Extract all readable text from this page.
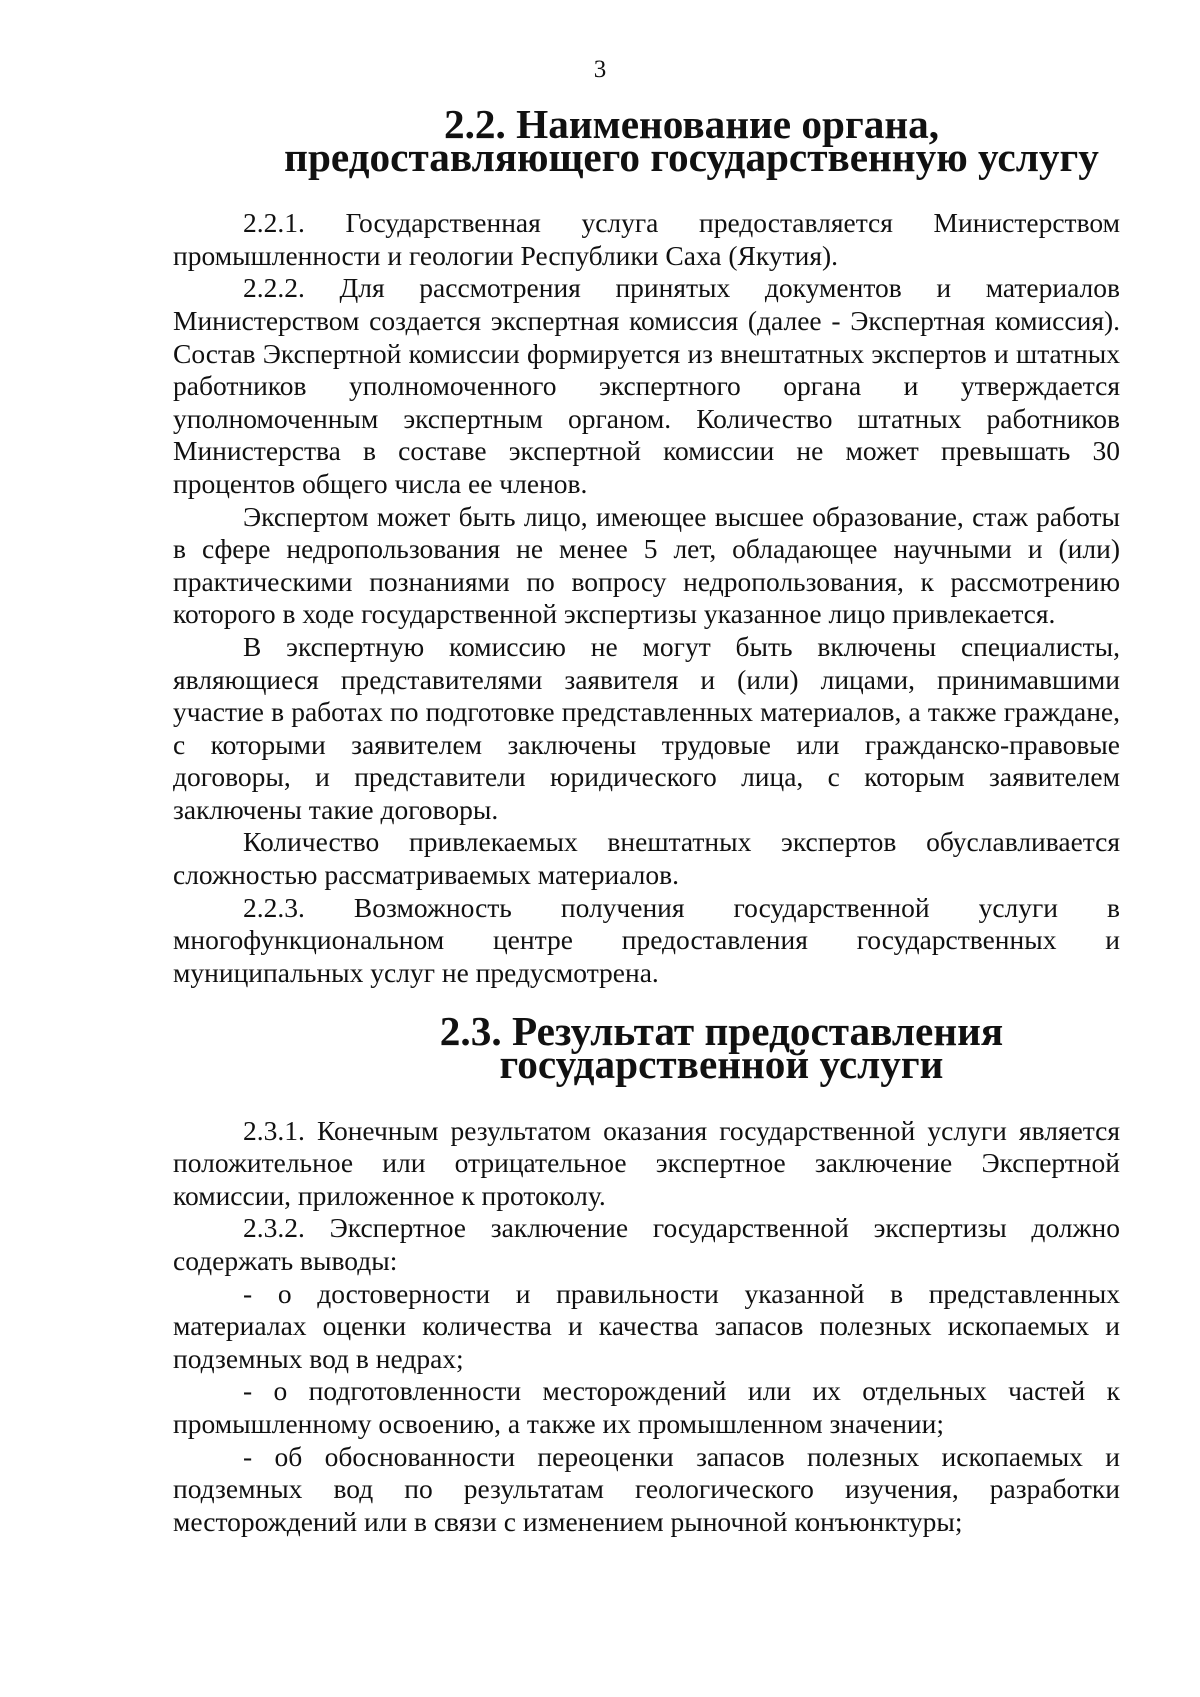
3
2.2. Наименование органа, предоставляющего государственную услугу

2.2.1. Государственная услуга предоставляется Министерством промышленности и геологии Республики Саха (Якутия).

2.2.2. Для рассмотрения принятых документов и материалов Министерством создается экспертная комиссия (далее - Экспертная комиссия). Состав Экспертной комиссии формируется из внештатных экспертов и штатных работников уполномоченного экспертного органа и утверждается уполномоченным экспертным органом. Количество штатных работников Министерства в составе экспертной комиссии не может превышать 30 процентов общего числа ее членов.

Экспертом может быть лицо, имеющее высшее образование, стаж работы в сфере недропользования не менее 5 лет, обладающее научными и (или) практическими познаниями по вопросу недропользования, к рассмотрению которого в ходе государственной экспертизы указанное лицо привлекается.

В экспертную комиссию не могут быть включены специалисты, являющиеся представителями заявителя и (или) лицами, принимавшими участие в работах по подготовке представленных материалов, а также граждане, с которыми заявителем заключены трудовые или гражданско-правовые договоры, и представители юридического лица, с которым заявителем заключены такие договоры.

Количество привлекаемых внештатных экспертов обуславливается сложностью рассматриваемых материалов.

2.2.3. Возможность получения государственной услуги в многофункциональном центре предоставления государственных и муниципальных услуг не предусмотрена.

2.3. Результат предоставления государственной услуги

2.3.1. Конечным результатом оказания государственной услуги является положительное или отрицательное экспертное заключение Экспертной комиссии, приложенное к протоколу.

2.3.2. Экспертное заключение государственной экспертизы должно содержать выводы:

- о достоверности и правильности указанной в представленных материалах оценки количества и качества запасов полезных ископаемых и подземных вод в недрах;

- о подготовленности месторождений или их отдельных частей к промышленному освоению, а также их промышленном значении;

- об обоснованности переоценки запасов полезных ископаемых и подземных вод по результатам геологического изучения, разработки месторождений или в связи с изменением рыночной конъюнктуры;
